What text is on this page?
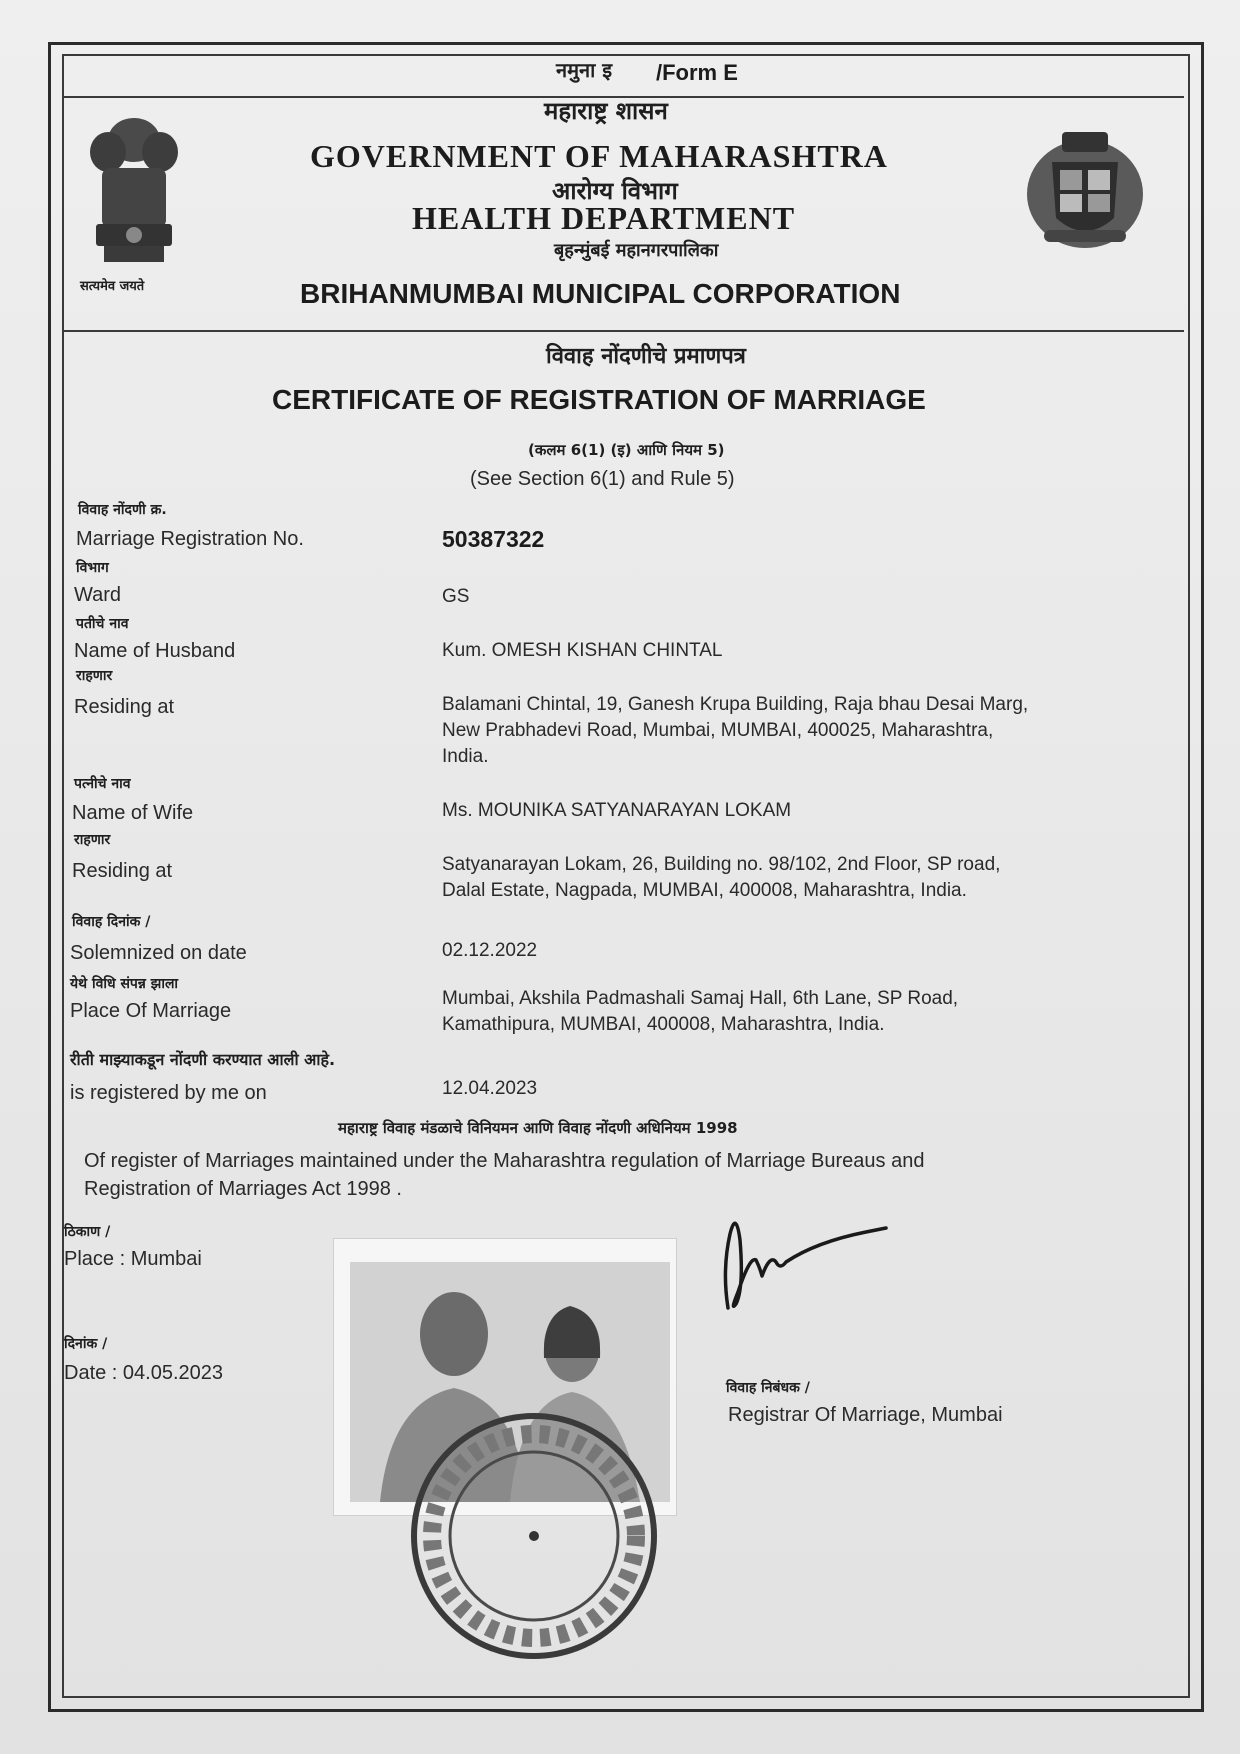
नमुना इ /Form E
महाराष्ट्र शासन
GOVERNMENT OF MAHARASHTRA
आरोग्य विभाग
HEALTH DEPARTMENT
बृहन्मुंबई महानगरपालिका
BRIHANMUMBAI MUNICIPAL CORPORATION
सत्यमेव जयते
विवाह नोंदणीचे प्रमाणपत्र
CERTIFICATE OF REGISTRATION OF MARRIAGE
(कलम 6(1) (इ) आणि नियम 5)
(See Section 6(1) and Rule 5)
विवाह नोंदणी क्र.
Marriage Registration No.	50387322
विभाग
Ward	GS
पतीचे नाव
Name of Husband	Kum. OMESH KISHAN CHINTAL
राहणार
Residing at	Balamani Chintal, 19, Ganesh Krupa Building, Raja bhau Desai Marg,
New Prabhadevi Road, Mumbai, MUMBAI, 400025, Maharashtra,
India.
पत्नीचे नाव
Name of Wife	Ms. MOUNIKA SATYANARAYAN LOKAM
राहणार
Residing at	Satyanarayan Lokam, 26, Building no. 98/102, 2nd Floor, SP road,
Dalal Estate, Nagpada, MUMBAI, 400008, Maharashtra, India.
विवाह दिनांक /
Solemnized on date	02.12.2022
येथे विधि संपन्न झाला
Place Of Marriage
Mumbai, Akshila Padmashali Samaj Hall, 6th Lane, SP Road,
Kamathipura, MUMBAI, 400008, Maharashtra, India.
रीती माझ्याकडून नोंदणी करण्यात आली आहे.
is registered by me on	12.04.2023
महाराष्ट्र विवाह मंडळाचे विनियमन आणि विवाह नोंदणी अधिनियम 1998
Of register of Marriages maintained under the Maharashtra regulation of Marriage Bureaus and
Registration of Marriages Act 1998 .
ठिकाण /
Place : Mumbai
दिनांक /
Date : 04.05.2023
विवाह निबंधक /
Registrar Of Marriage, Mumbai
